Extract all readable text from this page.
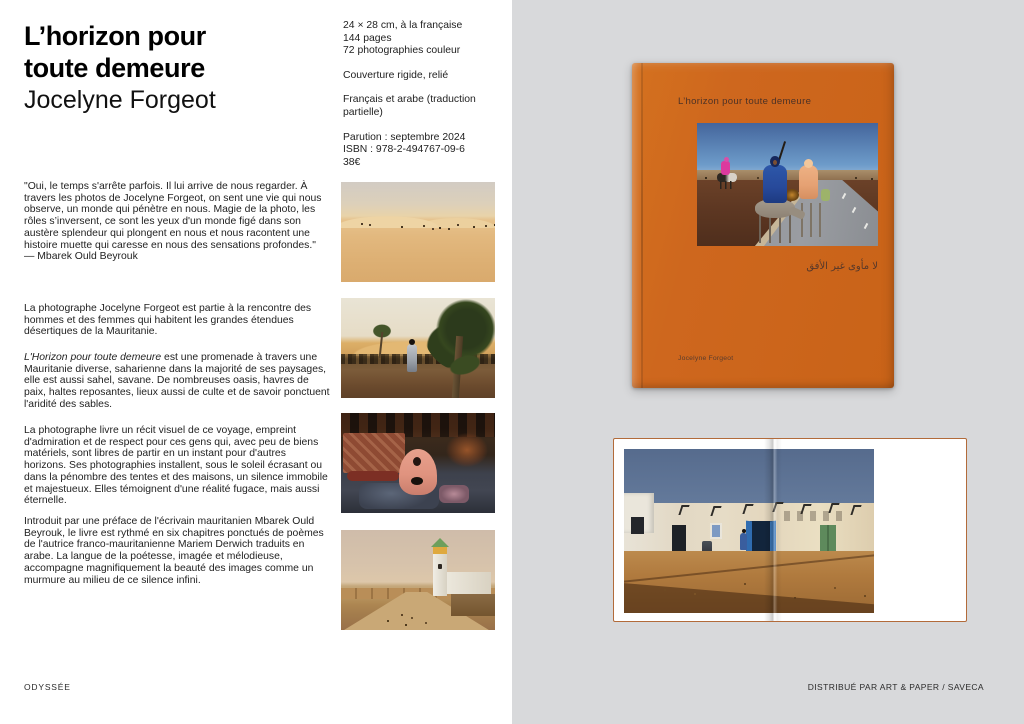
L’horizon pour toute demeure
Jocelyne Forgeot

"Oui, le temps s'arrête parfois. Il lui arrive de nous regarder. À travers les photos de Jocelyne Forgeot, on sent une vie qui nous observe, un monde qui pénètre en nous. Magie de la photo, les rôles s’inversent, ce sont les yeux d'un monde figé dans son austère splendeur qui plongent en nous et nous racontent une histoire muette qui caresse en nous des sensations profondes."

— Mbarek Ould Beyrouk

La photographe Jocelyne Forgeot est partie à la rencontre des hommes et des femmes qui habitent les grandes étendues désertiques de la Mauritanie.

L'Horizon pour toute demeure est une promenade à travers une Mauritanie diverse, saharienne dans la majorité de ses paysages, elle est aussi sahel, savane. De nombreuses oasis, havres de paix, haltes reposantes, lieux aussi de culte et de savoir ponctuent l'aridité des sables.

La photographe livre un récit visuel de ce voyage, empreint d'admiration et de respect pour ces gens qui, avec peu de biens matériels, sont libres de partir en un instant pour d'autres horizons. Ses photographies installent, sous le soleil écrasant ou dans la pénombre des tentes et des maisons, un silence immobile et majestueux. Elles témoignent d'une réalité fugace, mais aussi éternelle.

Introduit par une préface de l'écrivain mauritanien Mbarek Ould Beyrouk, le livre est rythmé en six chapitres ponctués de poèmes de l'autrice franco-mauritanienne Mariem Derwich traduits en arabe. La langue de la poétesse, imagée et mélodieuse, accompagne magnifiquement la beauté des images comme un murmure au milieu de ce silence infini.

ODYSSÉE	DISTRIBUÉ PAR ART & PAPER / SAVECA
24 × 28 cm, à la française
144 pages
72 photographies couleur
Couverture rigide, relié
Français et arabe (traduction partielle)
Parution : septembre 2024
ISBN : 978-2-494767-09-6
38€
L’horizon pour toute demeure
لا مأوى غير الأفق
Jocelyne Forgeot
